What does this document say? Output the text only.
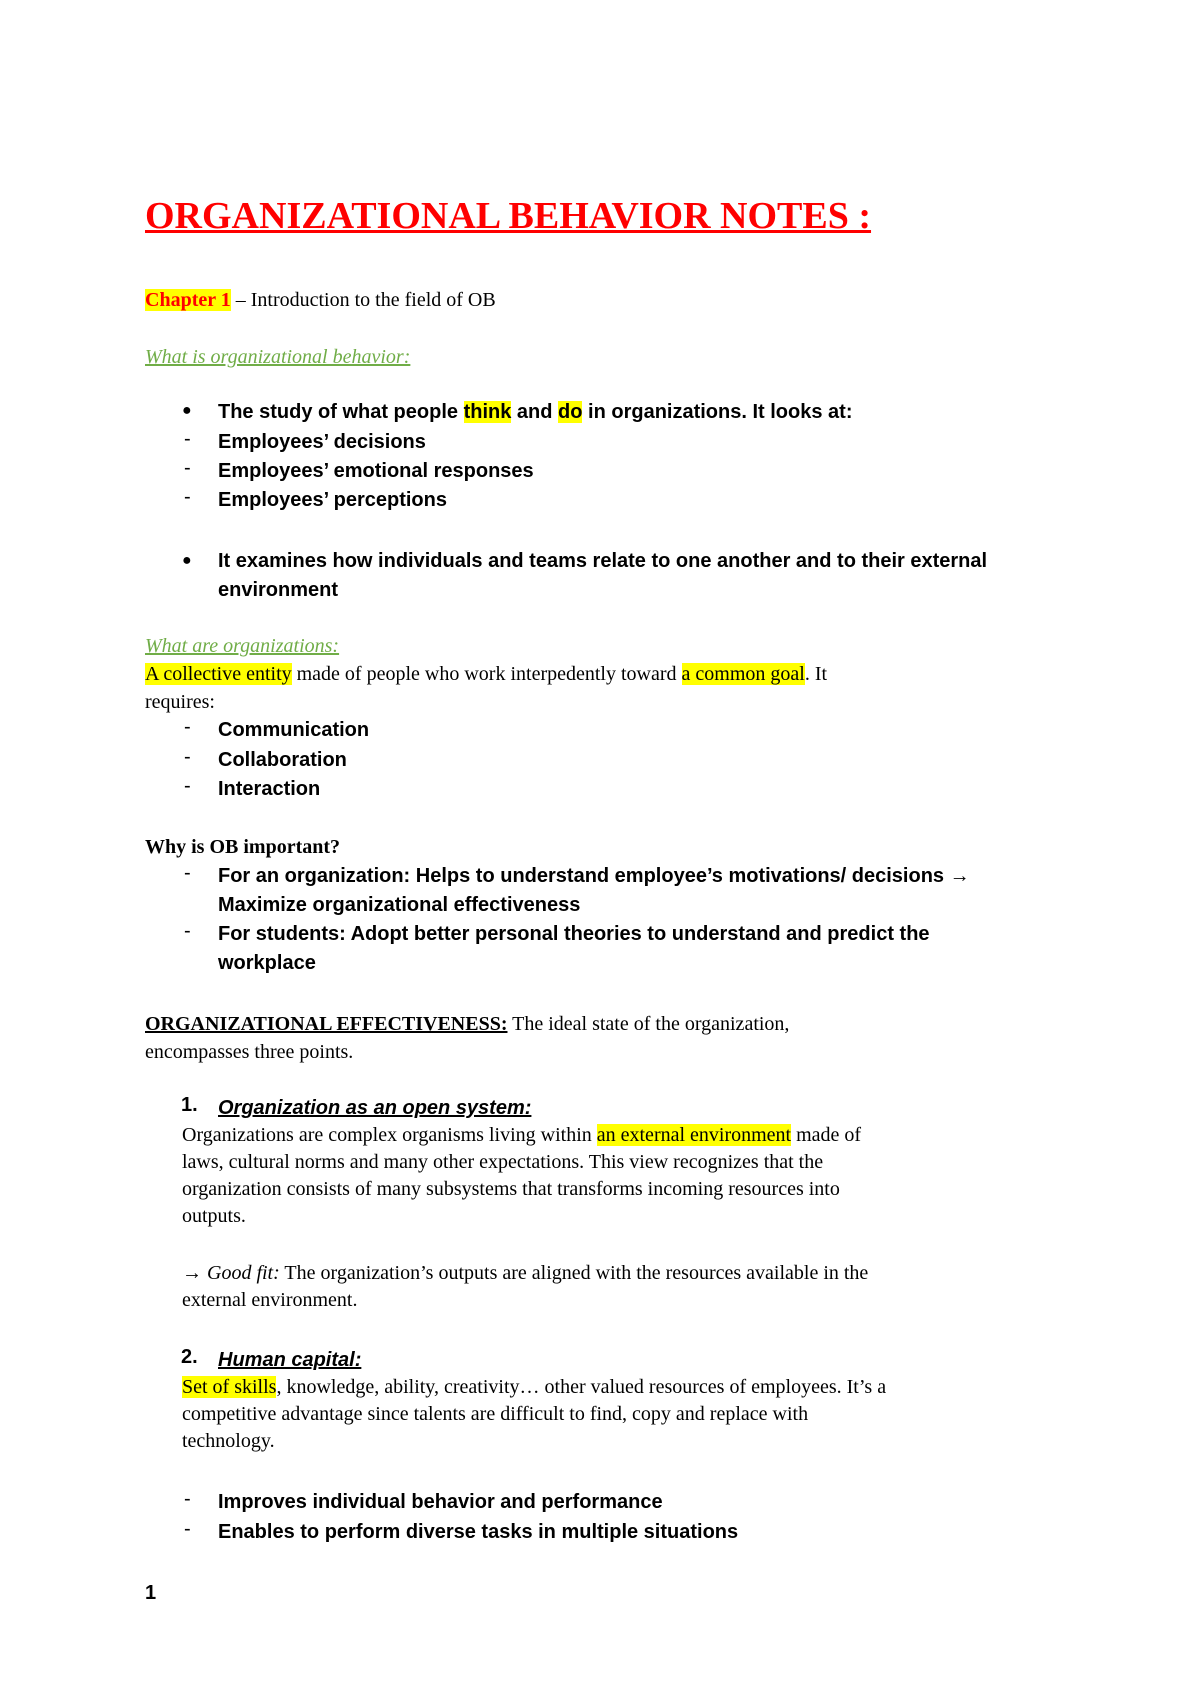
ORGANIZATIONAL BEHAVIOR NOTES :
Chapter 1 – Introduction to the field of OB
What is organizational behavior:
● The study of what people think and do in organizations. It looks at:
- Employees’ decisions
- Employees’ emotional responses
- Employees’ perceptions
● It examines how individuals and teams relate to one another and to their external
environment
What are organizations:
A collective entity made of people who work interpedently toward a common goal. It
requires:
- Communication
- Collaboration
- Interaction
Why is OB important?
- For an organization: Helps to understand employee’s motivations/ decisions →
Maximize organizational effectiveness
- For students: Adopt better personal theories to understand and predict the
workplace
ORGANIZATIONAL EFFECTIVENESS: The ideal state of the organization,
encompasses three points.
1. Organization as an open system:
Organizations are complex organisms living within an external environment made of
laws, cultural norms and many other expectations. This view recognizes that the
organization consists of many subsystems that transforms incoming resources into
outputs.
→ Good fit: The organization’s outputs are aligned with the resources available in the
external environment.
2. Human capital:
Set of skills, knowledge, ability, creativity… other valued resources of employees. It’s a
competitive advantage since talents are difficult to find, copy and replace with
technology.
- Improves individual behavior and performance
- Enables to perform diverse tasks in multiple situations
1
